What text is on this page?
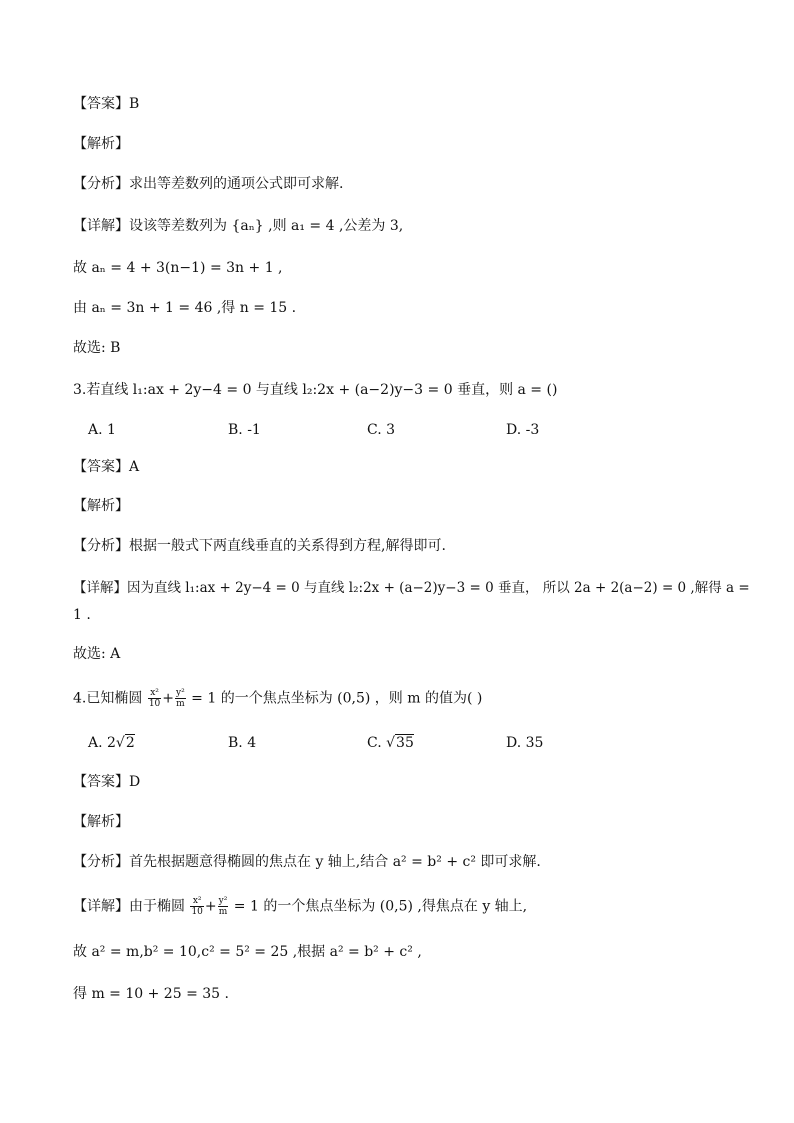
【答案】B
【解析】
【分析】求出等差数列的通项公式即可求解.
【详解】设该等差数列为 {aₙ} ,则 a₁ = 4 ,公差为 3,
故 aₙ = 4 + 3(n−1) = 3n + 1 ,
由 aₙ = 3n + 1 = 46 ,得 n = 15 .
故选: B
3.若直线 l₁:ax + 2y−4 = 0 与直线 l₂:2x + (a−2)y−3 = 0 垂直，则 a = ()
A. 1	B. -1	C. 3	D. -3
【答案】A
【解析】
【分析】根据一般式下两直线垂直的关系得到方程,解得即可.
【详解】因为直线 l₁:ax + 2y−4 = 0 与直线 l₂:2x + (a−2)y−3 = 0 垂直， 所以 2a + 2(a−2) = 0 ,解得 a =
1 .
故选: A
4.已知椭圆 $\frac{\text{x²}}{10} + \frac{\text{y²}}{m} = 1$ 的一个焦点坐标为 (0,5) ，则 m 的值为( )
A. 2√2	B. 4	C. √35	D. 35
【答案】D
【解析】
【分析】首先根据题意得椭圆的焦点在 y 轴上,结合 a² = b² + c² 即可求解.
【详解】由于椭圆 $\frac{\text{x²}}{10} + \frac{\text{y²}}{m} = 1$ 的一个焦点坐标为 (0,5) ,得焦点在 y 轴上,
故 a² = m,b² = 10,c² = 5² = 25 ,根据 a² = b² + c² ,
得 m = 10 + 25 = 35 .
